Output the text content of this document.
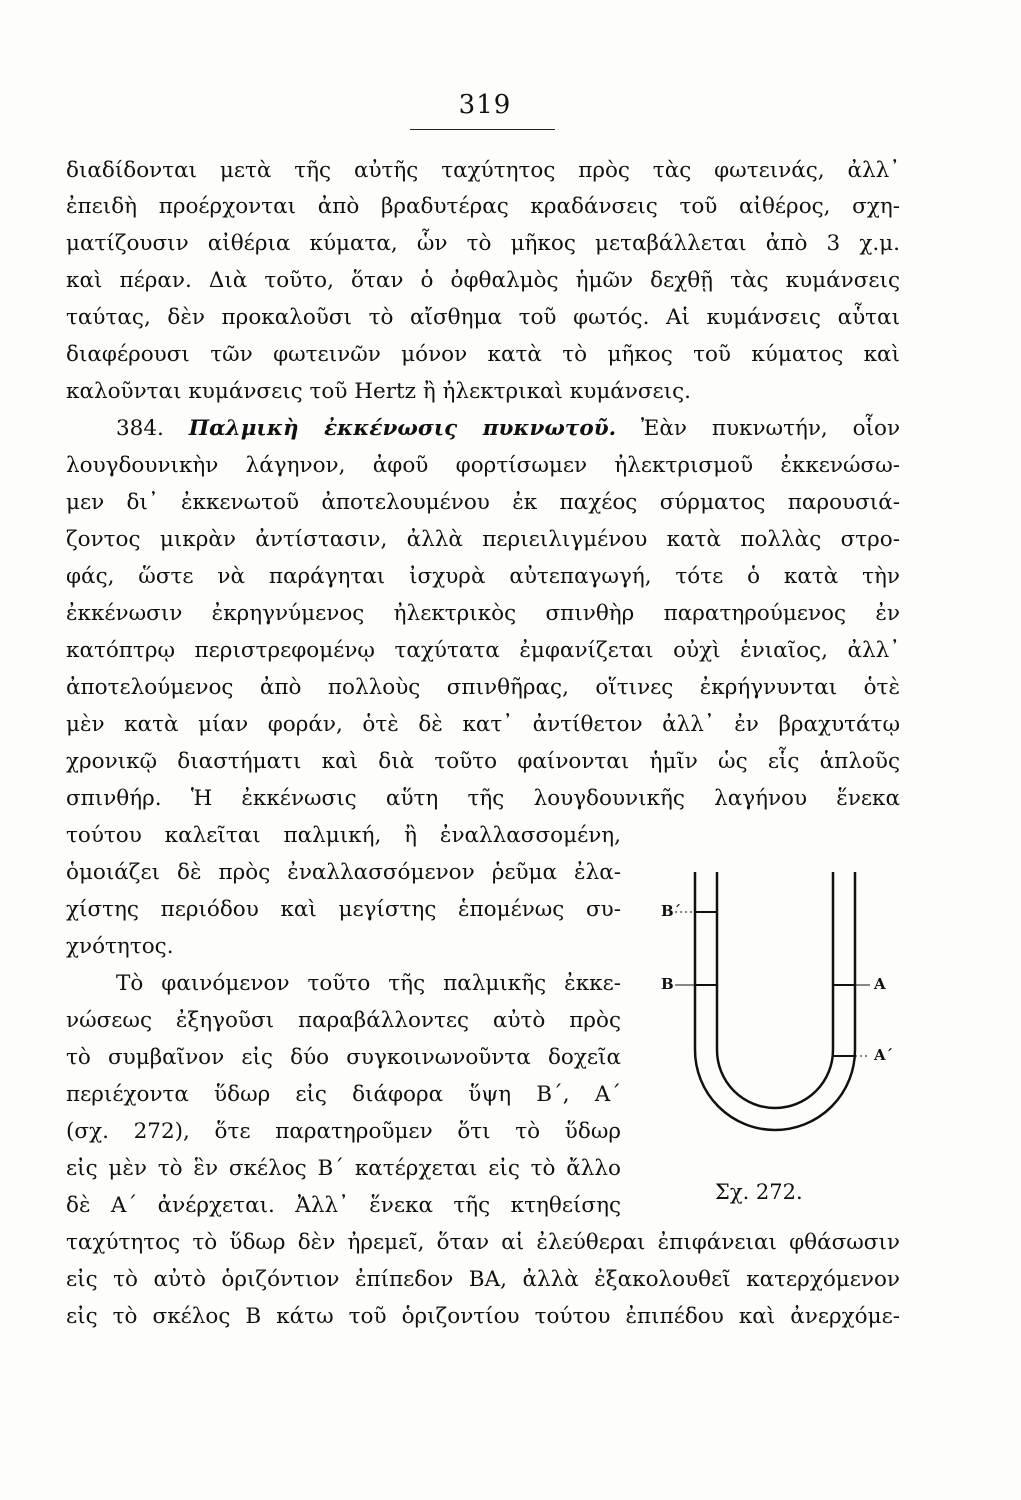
319
διαδίδονται μετὰ τῆς αὐτῆς ταχύτητος πρὸς τὰς φωτεινάς, ἀλλ᾽
ἐπειδὴ προέρχονται ἀπὸ βραδυτέρας κραδάνσεις τοῦ αἰθέρος, σχη-
ματίζουσιν αἰθέρια κύματα, ὧν τὸ μῆκος μεταβάλλεται ἀπὸ 3 χ.μ.
καὶ πέραν. Διὰ τοῦτο, ὅταν ὁ ὀφθαλμὸς ἡμῶν δεχθῇ τὰς κυμάνσεις
ταύτας, δὲν προκαλοῦσι τὸ αἴσθημα τοῦ φωτός. Αἱ κυμάνσεις αὗται
διαφέρουσι τῶν φωτεινῶν μόνον κατὰ τὸ μῆκος τοῦ κύματος καὶ
καλοῦνται κυμάνσεις τοῦ Hertz ἢ ἠλεκτρικαὶ κυμάνσεις.
384. Παλμικὴ ἐκκένωσις πυκνωτοῦ. Ἐὰν πυκνωτήν, οἷον
λουγδουνικὴν λάγηνον, ἀφοῦ φορτίσωμεν ἠλεκτρισμοῦ ἐκκενώσω-
μεν δι᾽ ἐκκενωτοῦ ἀποτελουμένου ἐκ παχέος σύρματος παρουσιά-
ζοντος μικρὰν ἀντίστασιν, ἀλλὰ περιειλιγμένου κατὰ πολλὰς στρο-
φάς, ὥστε νὰ παράγηται ἰσχυρὰ αὐτεπαγωγή, τότε ὁ κατὰ τὴν
ἐκκένωσιν ἐκρηγνύμενος ἠλεκτρικὸς σπινθὴρ παρατηρούμενος ἐν
κατόπτρῳ περιστρεφομένῳ ταχύτατα ἐμφανίζεται οὐχὶ ἑνιαῖος, ἀλλ᾽
ἀποτελούμενος ἀπὸ πολλοὺς σπινθῆρας, οἵτινες ἐκρήγνυνται ὁτὲ
μὲν κατὰ μίαν φοράν, ὁτὲ δὲ κατ᾽ ἀντίθετον ἀλλ᾽ ἐν βραχυτάτῳ
χρονικῷ διαστήματι καὶ διὰ τοῦτο φαίνονται ἡμῖν ὡς εἷς ἁπλοῦς
σπινθήρ. Ἡ ἐκκένωσις αὕτη τῆς λουγδουνικῆς λαγήνου ἕνεκα
τούτου καλεῖται παλμική, ἢ ἐναλλασσομένη,
ὁμοιάζει δὲ πρὸς ἐναλλασσόμενον ῥεῦμα ἐλα-
χίστης περιόδου καὶ μεγίστης ἑπομένως συ-
χνότητος.
Τὸ φαινόμενον τοῦτο τῆς παλμικῆς ἐκκε-
νώσεως ἐξηγοῦσι παραβάλλοντες αὐτὸ πρὸς
τὸ συμβαῖνον εἰς δύο συγκοινωνοῦντα δοχεῖα
περιέχοντα ὕδωρ εἰς διάφορα ὕψη Β΄, Α΄
(σχ. 272), ὅτε παρατηροῦμεν ὅτι τὸ ὕδωρ
εἰς μὲν τὸ ἓν σκέλος Β΄ κατέρχεται εἰς τὸ ἄλλο
δὲ Α΄ ἀνέρχεται. Ἀλλ᾽ ἕνεκα τῆς κτηθείσης
ταχύτητος τὸ ὕδωρ δὲν ἠρεμεῖ, ὅταν αἱ ἐλεύθεραι ἐπιφάνειαι φθάσωσιν
εἰς τὸ αὐτὸ ὁριζόντιον ἐπίπεδον ΒΑ, ἀλλὰ ἐξακολουθεῖ κατερχόμενον
εἰς τὸ σκέλος Β κάτω τοῦ ὁριζοντίου τούτου ἐπιπέδου καὶ ἀνερχόμε-
Β΄
Β	Α
Α΄
Σχ. 272.
